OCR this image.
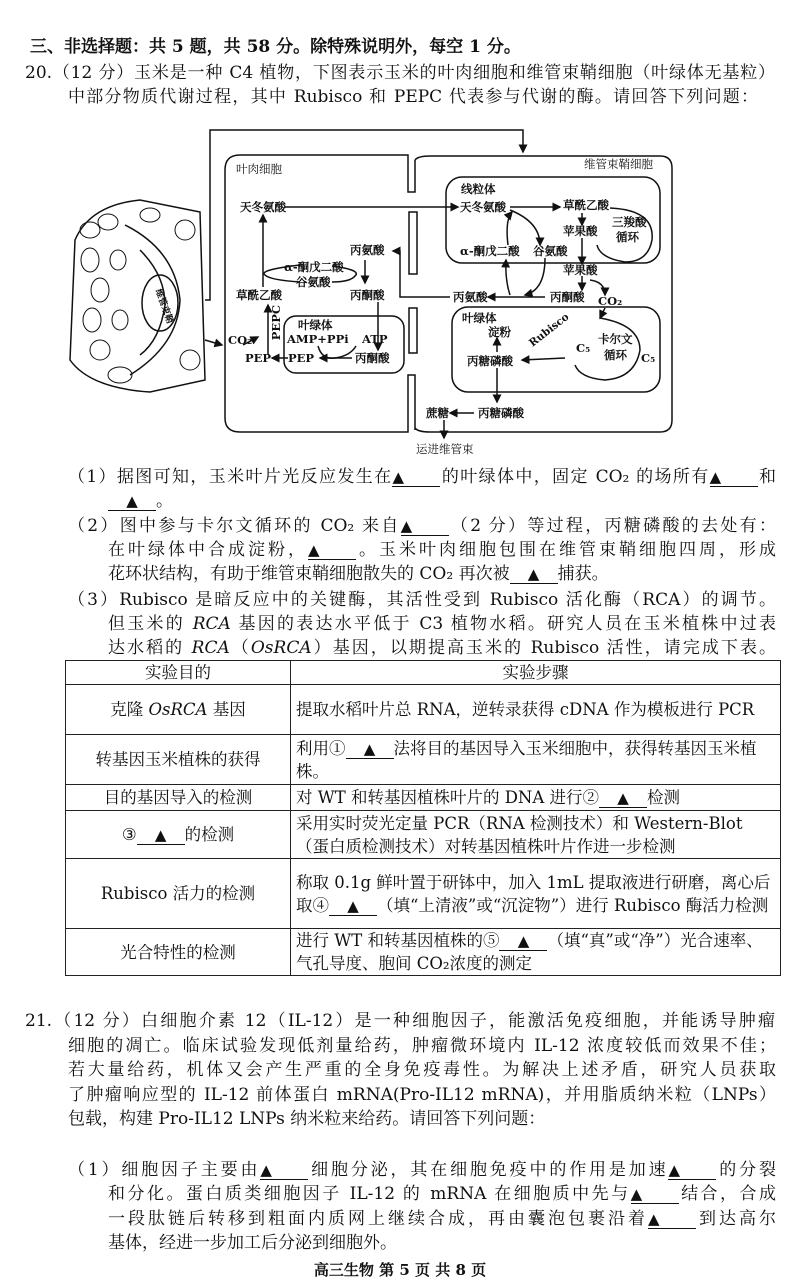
三、非选择题：共 5 题，共 58 分。除特殊说明外，每空 1 分。
20.（12 分）玉米是一种 C4 植物，下图表示玉米的叶肉细胞和维管束鞘细胞（叶绿体无基粒）
中部分物质代谢过程，其中 Rubisco 和 PEPC 代表参与代谢的酶。请回答下列问题：
叶肉细胞
天冬氨酸
丙氨酸
α-酮戊二酸
谷氨酸
草酰乙酸	丙酮酸
PEPC
CO₂
PEP
叶绿体
AMP+PPi ATP
PEP	丙酮酸
维管束鞘细胞
线粒体
天冬氨酸	草酰乙酸
三羧酸
循环
苹果酸
α-酮戊二酸 谷氨酸
苹果酸
丙氨酸	丙酮酸 CO₂
叶绿体
淀粉
丙糖磷酸
Rubisco C₅
卡尔文
循环 C₅
蔗糖	丙糖磷酸
运进维管束
维管束鞘
（1）据图可知，玉米叶片光反应发生在▲ 的叶绿体中，固定 CO₂ 的场所有▲ 和
▲ 。
（2）图中参与卡尔文循环的 CO₂ 来自▲ （2 分）等过程，丙糖磷酸的去处有：
在叶绿体中合成淀粉，▲ 。玉米叶肉细胞包围在维管束鞘细胞四周，形成
花环状结构，有助于维管束鞘细胞散失的 CO₂ 再次被 ▲ 捕获。
（3）Rubisco 是暗反应中的关键酶，其活性受到 Rubisco 活化酶（RCA）的调节。
但玉米的 RCA 基因的表达水平低于 C3 植物水稻。研究人员在玉米植株中过表
达水稻的 RCA（OsRCA）基因，以期提高玉米的 Rubisco 活性，请完成下表。
实验目的	实验步骤
克隆 OsRCA 基因	提取水稻叶片总 RNA，逆转录获得 cDNA 作为模板进行 PCR
转基因玉米植株的获得	利用① ▲ 法将目的基因导入玉米细胞中，获得转基因玉米植株。
目的基因导入的检测	对 WT 和转基因植株叶片的 DNA 进行② ▲ 检测
③ ▲ 的检测	采用实时荧光定量 PCR（RNA 检测技术）和 Western-Blot（蛋白质检测技术）对转基因植株叶片作进一步检测
Rubisco 活力的检测	称取 0.1g 鲜叶置于研钵中，加入 1mL 提取液进行研磨，离心后取④ ▲ （填“上清液”或“沉淀物”）进行 Rubisco 酶活力检测
光合特性的检测	进行 WT 和转基因植株的⑤ ▲ （填“真”或“净”）光合速率、气孔导度、胞间 CO₂浓度的测定
21.（12 分）白细胞介素 12（IL-12）是一种细胞因子，能激活免疫细胞，并能诱导肿瘤
细胞的凋亡。临床试验发现低剂量给药，肿瘤微环境内 IL-12 浓度较低而效果不佳；
若大量给药，机体又会产生严重的全身免疫毒性。为解决上述矛盾，研究人员获取
了肿瘤响应型的 IL-12 前体蛋白 mRNA(Pro-IL12 mRNA)，并用脂质纳米粒（LNPs）
包载，构建 Pro-IL12 LNPs 纳米粒来给药。请回答下列问题：
（1）细胞因子主要由▲ 细胞分泌，其在细胞免疫中的作用是加速▲ 的分裂
和分化。蛋白质类细胞因子 IL-12 的 mRNA 在细胞质中先与▲ 结合，合成
一段肽链后转移到粗面内质网上继续合成，再由囊泡包裹沿着▲ 到达高尔
基体，经进一步加工后分泌到细胞外。
高三生物 第 5 页 共 8 页
